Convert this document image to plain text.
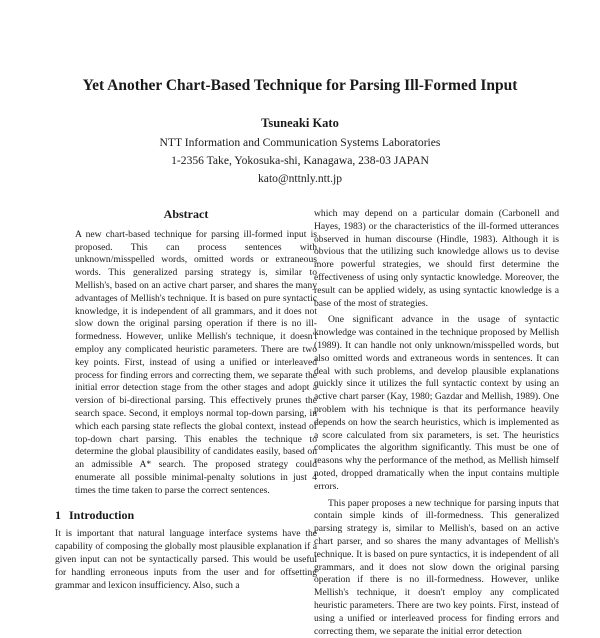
Yet Another Chart-Based Technique for Parsing Ill-Formed Input
Tsuneaki Kato
NTT Information and Communication Systems Laboratories
1-2356 Take, Yokosuka-shi, Kanagawa, 238-03 JAPAN
kato@nttnly.ntt.jp
Abstract

A new chart-based technique for parsing ill-formed input is proposed. This can process sentences with unknown/misspelled words, omitted words or extraneous words. This generalized parsing strategy is, similar to Mellish's, based on an active chart parser, and shares the many advantages of Mellish's technique. It is based on pure syntactic knowledge, it is independent of all grammars, and it does not slow down the original parsing operation if there is no ill-formedness. However, unlike Mellish's technique, it doesn't employ any complicated heuristic parameters. There are two key points. First, instead of using a unified or interleaved process for finding errors and correcting them, we separate the initial error detection stage from the other stages and adopt a version of bi-directional parsing. This effectively prunes the search space. Second, it employs normal top-down parsing, in which each parsing state reflects the global context, instead of top-down chart parsing. This enables the technique to determine the global plausibility of candidates easily, based on an admissible A* search. The proposed strategy could enumerate all possible minimal-penalty solutions in just 4 times the time taken to parse the correct sentences.

1 Introduction

It is important that natural language interface systems have the capability of composing the globally most plausible explanation if a given input can not be syntactically parsed. This would be useful for handling erroneous inputs from the user and for offsetting grammar and lexicon insufficiency. Also, such a

which may depend on a particular domain (Carbonell and Hayes, 1983) or the characteristics of the ill-formed utterances observed in human discourse (Hindle, 1983). Although it is obvious that the utilizing such knowledge allows us to devise more powerful strategies, we should first determine the effectiveness of using only syntactic knowledge. Moreover, the result can be applied widely, as using syntactic knowledge is a base of the most of strategies.

One significant advance in the usage of syntactic knowledge was contained in the technique proposed by Mellish (1989). It can handle not only unknown/misspelled words, but also omitted words and extraneous words in sentences. It can deal with such problems, and develop plausible explanations quickly since it utilizes the full syntactic context by using an active chart parser (Kay, 1980; Gazdar and Mellish, 1989). One problem with his technique is that its performance heavily depends on how the search heuristics, which is implemented as a score calculated from six parameters, is set. The heuristics complicates the algorithm significantly. This must be one of reasons why the performance of the method, as Mellish himself noted, dropped dramatically when the input contains multiple errors.

This paper proposes a new technique for parsing inputs that contain simple kinds of ill-formedness. This generalized parsing strategy is, similar to Mellish's, based on an active chart parser, and so shares the many advantages of Mellish's technique. It is based on pure syntactics, it is independent of all grammars, and it does not slow down the original parsing operation if there is no ill-formedness. However, unlike Mellish's technique, it doesn't employ any complicated heuristic parameters. There are two key points. First, instead of using a unified or interleaved process for finding errors and correcting them, we separate the initial error detection
